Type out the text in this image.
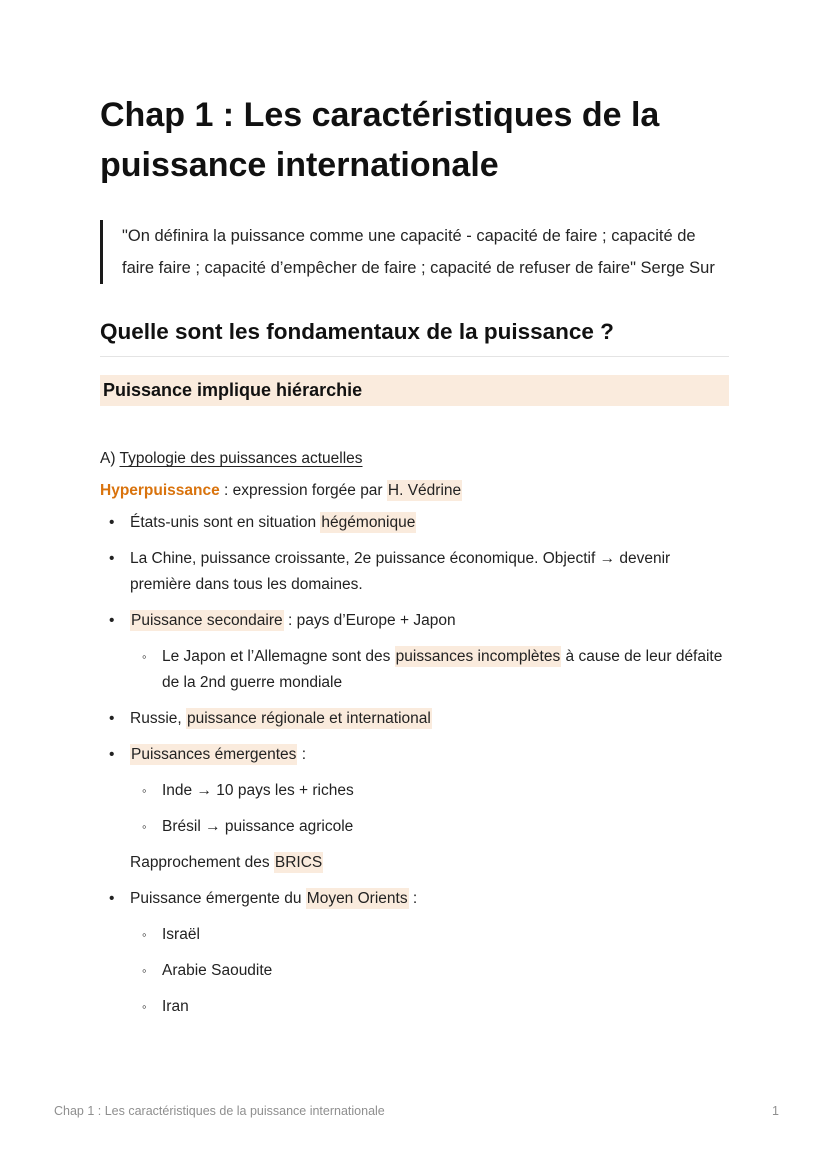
Chap 1 : Les caractéristiques de la puissance internationale
"On définira la puissance comme une capacité - capacité de faire ; capacité de faire faire ; capacité d’empêcher de faire ; capacité de refuser de faire" Serge Sur
Quelle sont les fondamentaux de la puissance ?
Puissance implique hiérarchie
A) Typologie des puissances actuelles
Hyperpuissance : expression forgée par H. Védrine
•	États-unis sont en situation hégémonique
•	La Chine, puissance croissante, 2e puissance économique. Objectif → devenir première dans tous les domaines.
•	Puissance secondaire : pays d’Europe + Japon
◦ Le Japon et l’Allemagne sont des puissances incomplètes à cause de leur défaite de la 2nd guerre mondiale
•	Russie, puissance régionale et international
•	Puissances émergentes :
◦ Inde → 10 pays les + riches
◦ Brésil → puissance agricole
Rapprochement des BRICS
•	Puissance émergente du Moyen Orients :
◦ Israël
◦ Arabie Saoudite
◦ Iran
Chap 1 : Les caractéristiques de la puissance internationale	1
